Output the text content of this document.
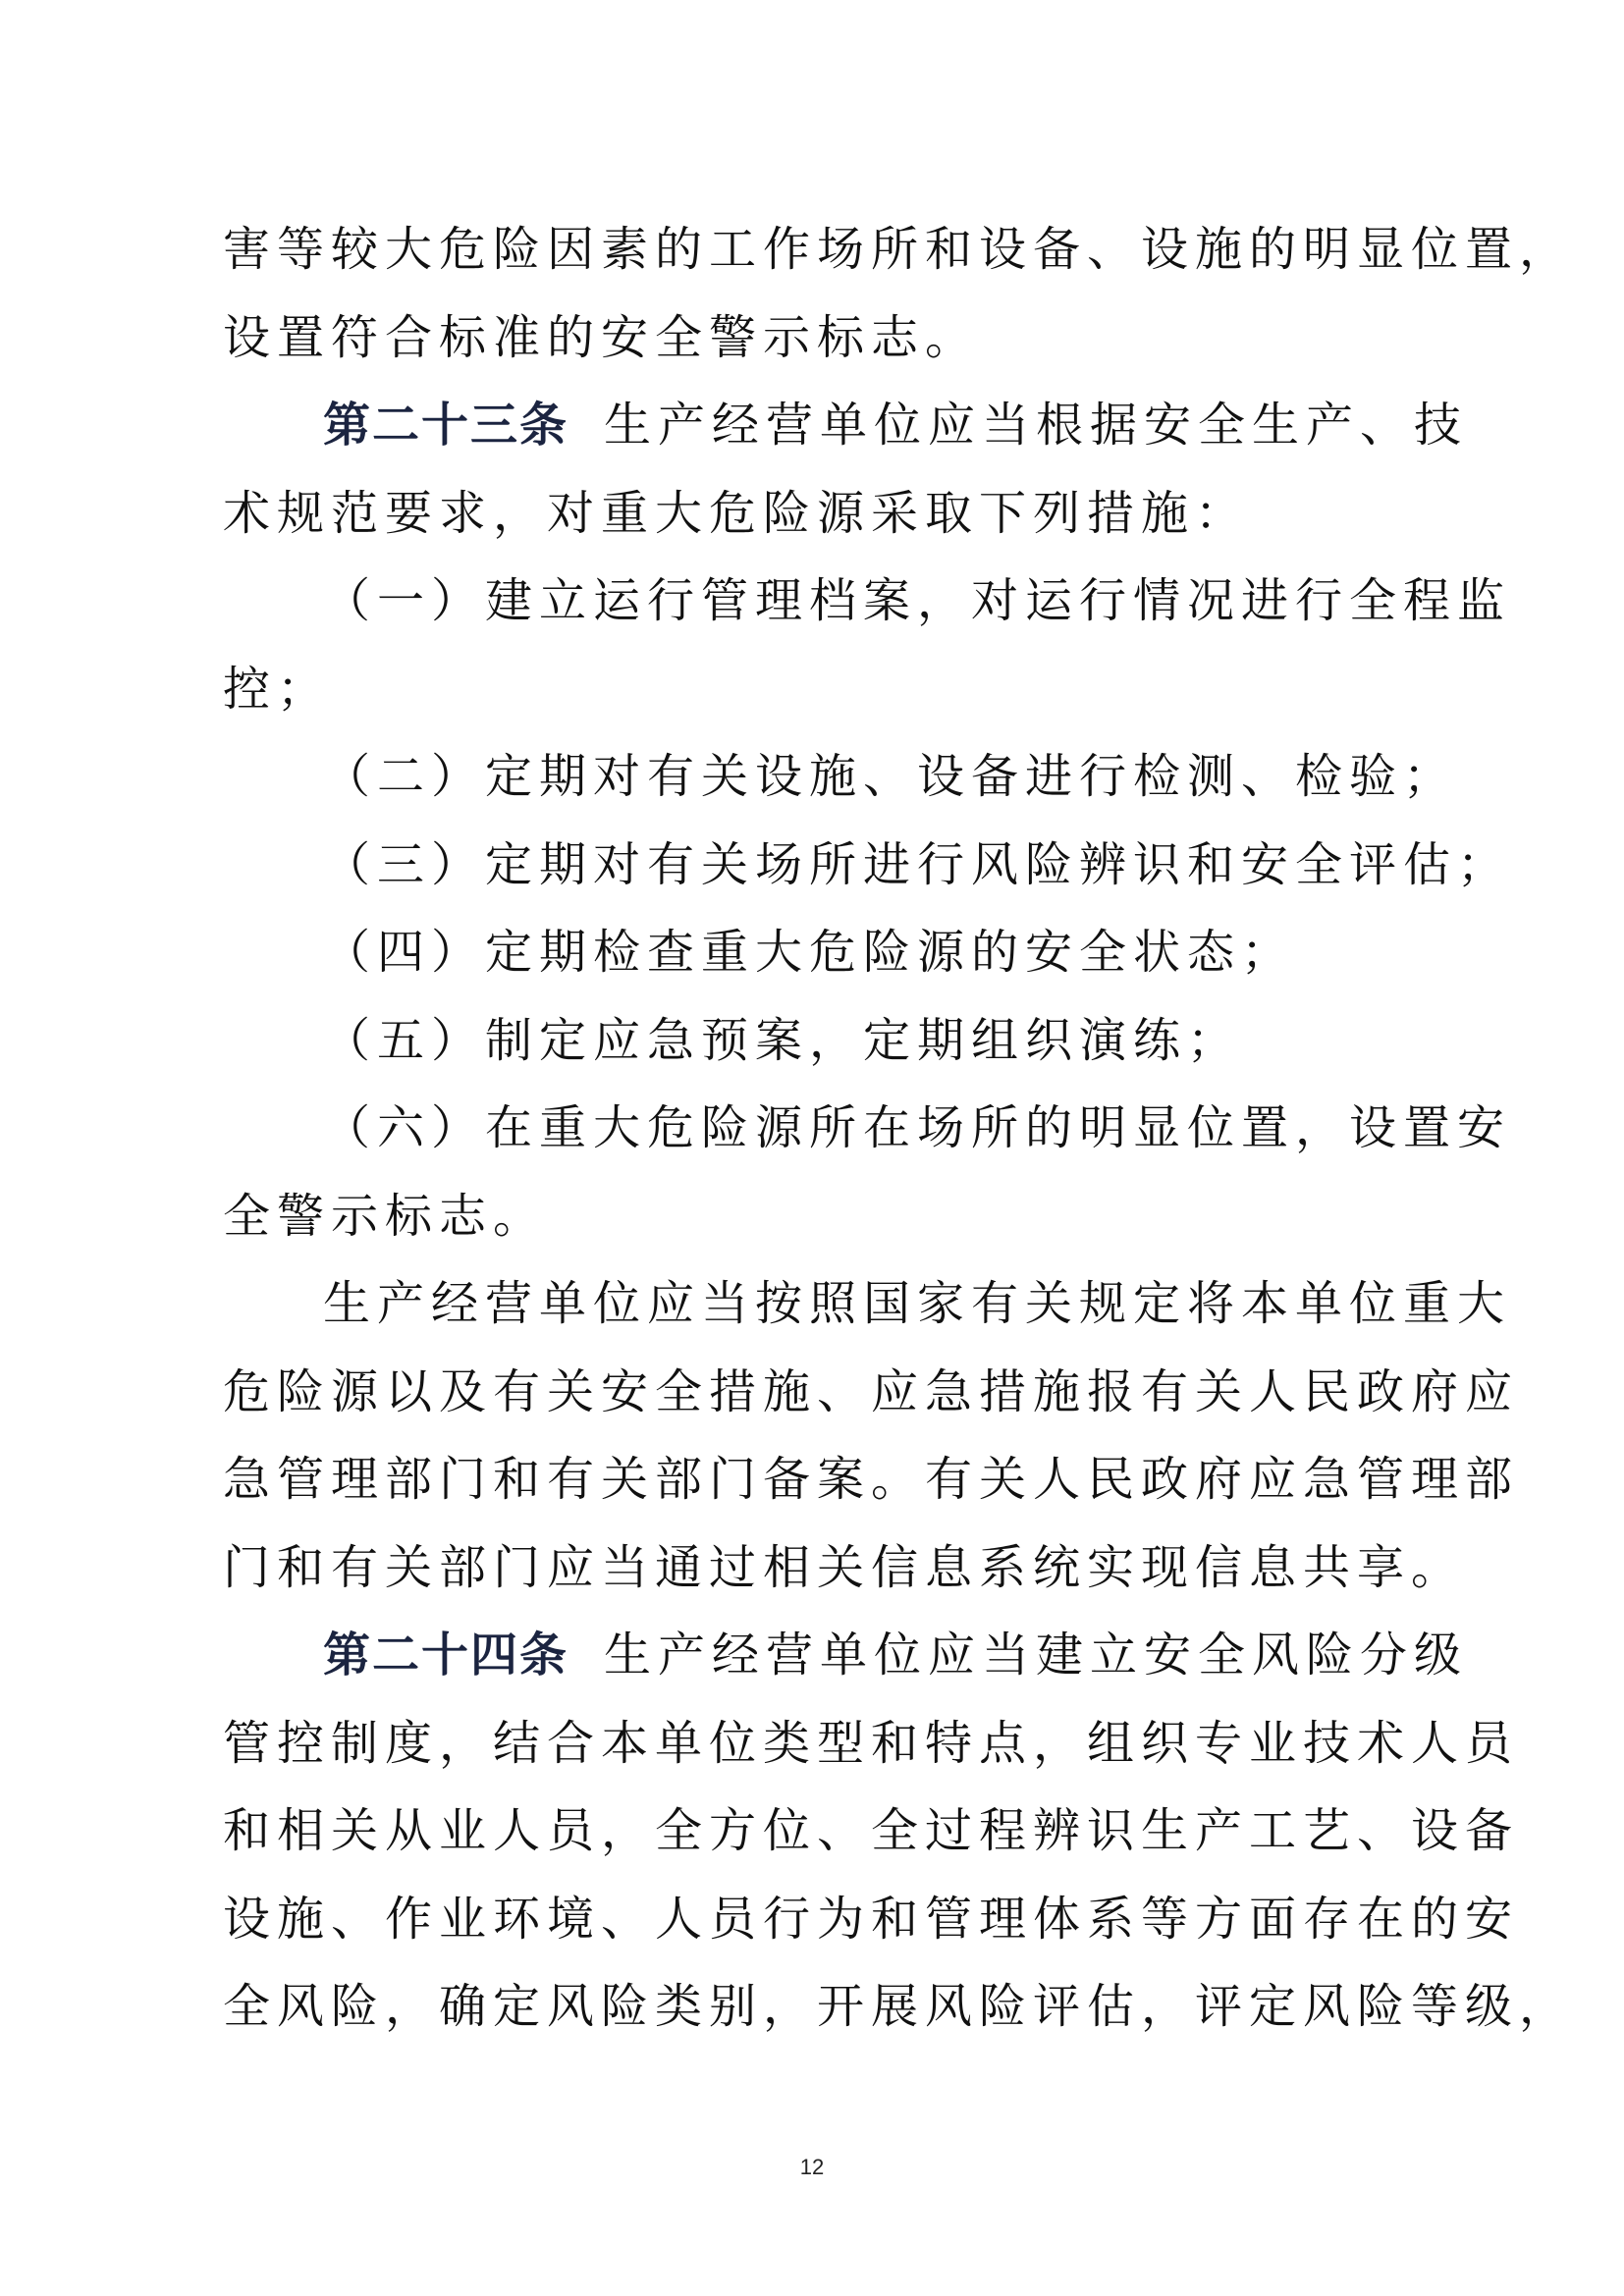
害等较大危险因素的工作场所和设备、设施的明显位置，
设置符合标准的安全警示标志。
第二十三条 生产经营单位应当根据安全生产、技
术规范要求，对重大危险源采取下列措施：
（一）建立运行管理档案，对运行情况进行全程监
控；
（二）定期对有关设施、设备进行检测、检验；
（三）定期对有关场所进行风险辨识和安全评估；
（四）定期检查重大危险源的安全状态；
（五）制定应急预案，定期组织演练；
（六）在重大危险源所在场所的明显位置，设置安
全警示标志。
生产经营单位应当按照国家有关规定将本单位重大
危险源以及有关安全措施、应急措施报有关人民政府应
急管理部门和有关部门备案。有关人民政府应急管理部
门和有关部门应当通过相关信息系统实现信息共享。
第二十四条 生产经营单位应当建立安全风险分级
管控制度，结合本单位类型和特点，组织专业技术人员
和相关从业人员，全方位、全过程辨识生产工艺、设备
设施、作业环境、人员行为和管理体系等方面存在的安
全风险，确定风险类别，开展风险评估，评定风险等级，
12
